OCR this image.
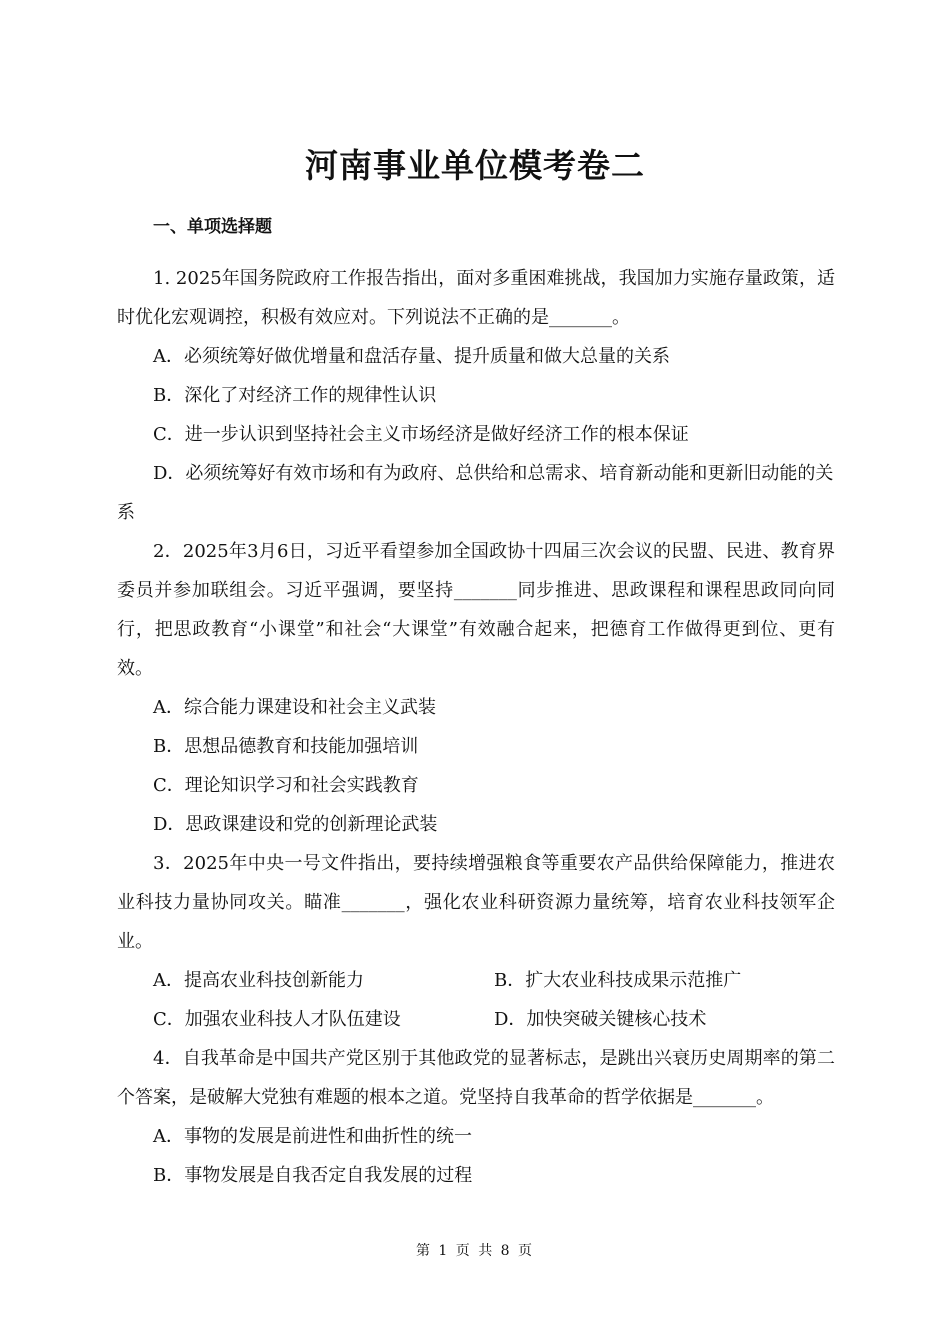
河南事业单位模考卷二
一、单项选择题

1. 2025年国务院政府工作报告指出，面对多重困难挑战，我国加力实施存量政策，适时优化宏观调控，积极有效应对。下列说法不正确的是_______。

A．必须统筹好做优增量和盘活存量、提升质量和做大总量的关系

B．深化了对经济工作的规律性认识

C．进一步认识到坚持社会主义市场经济是做好经济工作的根本保证

D．必须统筹好有效市场和有为政府、总供给和总需求、培育新动能和更新旧动能的关系

2．2025年3月6日，习近平看望参加全国政协十四届三次会议的民盟、民进、教育界委员并参加联组会。习近平强调，要坚持_______同步推进、思政课程和课程思政同向同行，把思政教育“小课堂”和社会“大课堂”有效融合起来，把德育工作做得更到位、更有效。

A．综合能力课建设和社会主义武装

B．思想品德教育和技能加强培训

C．理论知识学习和社会实践教育

D．思政课建设和党的创新理论武装

3．2025年中央一号文件指出，要持续增强粮食等重要农产品供给保障能力，推进农业科技力量协同攻关。瞄准_______，强化农业科研资源力量统筹，培育农业科技领军企业。

A．提高农业科技创新能力	B．扩大农业科技成果示范推广
C．加强农业科技人才队伍建设	D．加快突破关键核心技术

4．自我革命是中国共产党区别于其他政党的显著标志，是跳出兴衰历史周期率的第二个答案，是破解大党独有难题的根本之道。党坚持自我革命的哲学依据是_______。

A．事物的发展是前进性和曲折性的统一

B．事物发展是自我否定自我发展的过程

第 1 页 共 8 页
